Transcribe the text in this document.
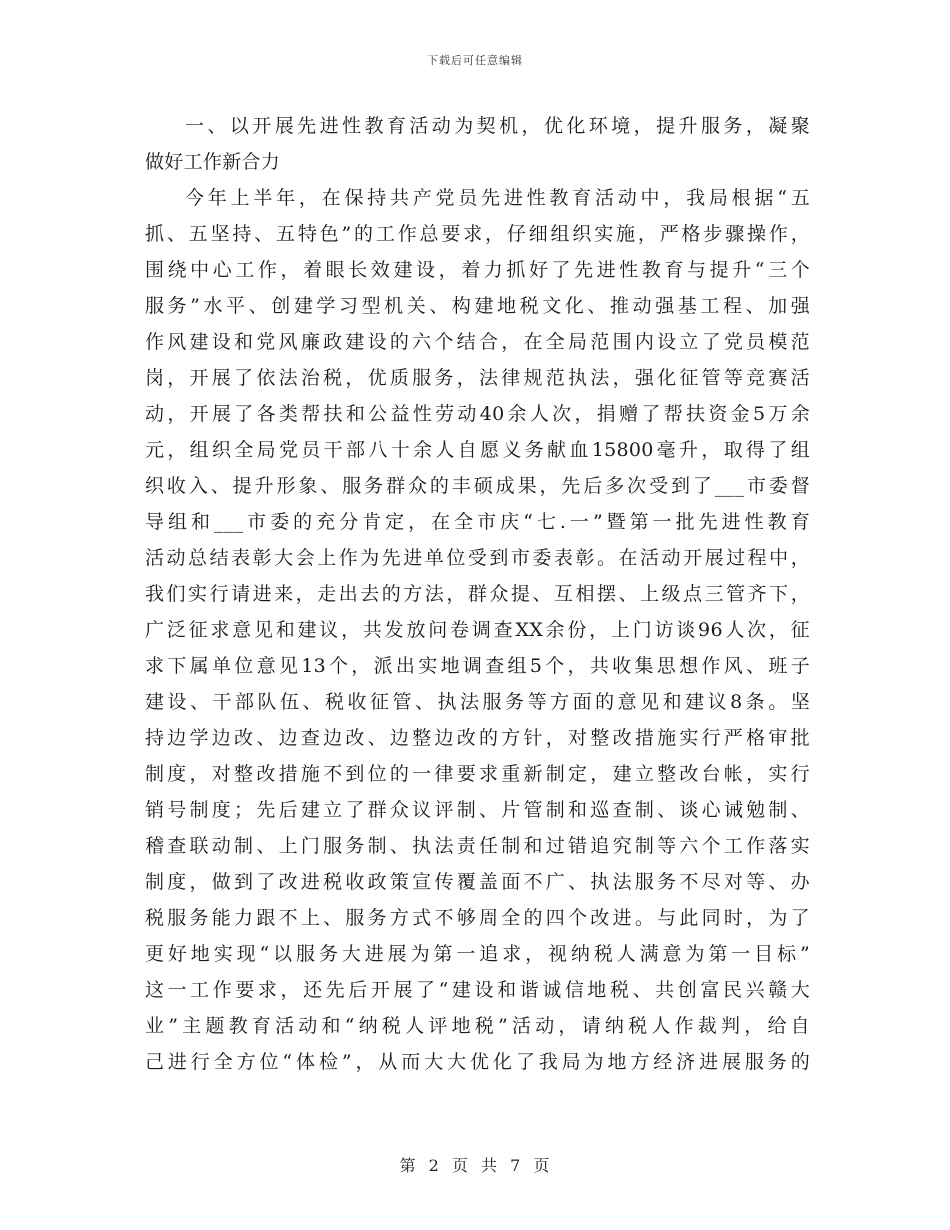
下载后可任意编辑
一、以开展先进性教育活动为契机，优化环境，提升服务，凝聚
做好工作新合力
今年上半年，在保持共产党员先进性教育活动中，我局根据“五
抓、五坚持、五特色”的工作总要求，仔细组织实施，严格步骤操作，
围绕中心工作，着眼长效建设，着力抓好了先进性教育与提升“三个
服务”水平、创建学习型机关、构建地税文化、推动强基工程、加强
作风建设和党风廉政建设的六个结合，在全局范围内设立了党员模范
岗，开展了依法治税，优质服务，法律规范执法，强化征管等竞赛活
动，开展了各类帮扶和公益性劳动40余人次，捐赠了帮扶资金5万余
元，组织全局党员干部八十余人自愿义务献血15800毫升，取得了组
织收入、提升形象、服务群众的丰硕成果，先后多次受到了___市委督
导组和___市委的充分肯定，在全市庆“七.一”暨第一批先进性教育
活动总结表彰大会上作为先进单位受到市委表彰。在活动开展过程中，
我们实行请进来，走出去的方法，群众提、互相摆、上级点三管齐下，
广泛征求意见和建议，共发放问卷调查XX余份，上门访谈96人次，征
求下属单位意见13个，派出实地调查组5个，共收集思想作风、班子
建设、干部队伍、税收征管、执法服务等方面的意见和建议8条。坚
持边学边改、边查边改、边整边改的方针，对整改措施实行严格审批
制度，对整改措施不到位的一律要求重新制定，建立整改台帐，实行
销号制度；先后建立了群众议评制、片管制和巡查制、谈心诫勉制、
稽查联动制、上门服务制、执法责任制和过错追究制等六个工作落实
制度，做到了改进税收政策宣传覆盖面不广、执法服务不尽对等、办
税服务能力跟不上、服务方式不够周全的四个改进。与此同时，为了
更好地实现“以服务大进展为第一追求，视纳税人满意为第一目标”
这一工作要求，还先后开展了“建设和谐诚信地税、共创富民兴赣大
业”主题教育活动和“纳税人评地税”活动，请纳税人作裁判，给自
己进行全方位“体检”，从而大大优化了我局为地方经济进展服务的
第 2 页 共 7 页
